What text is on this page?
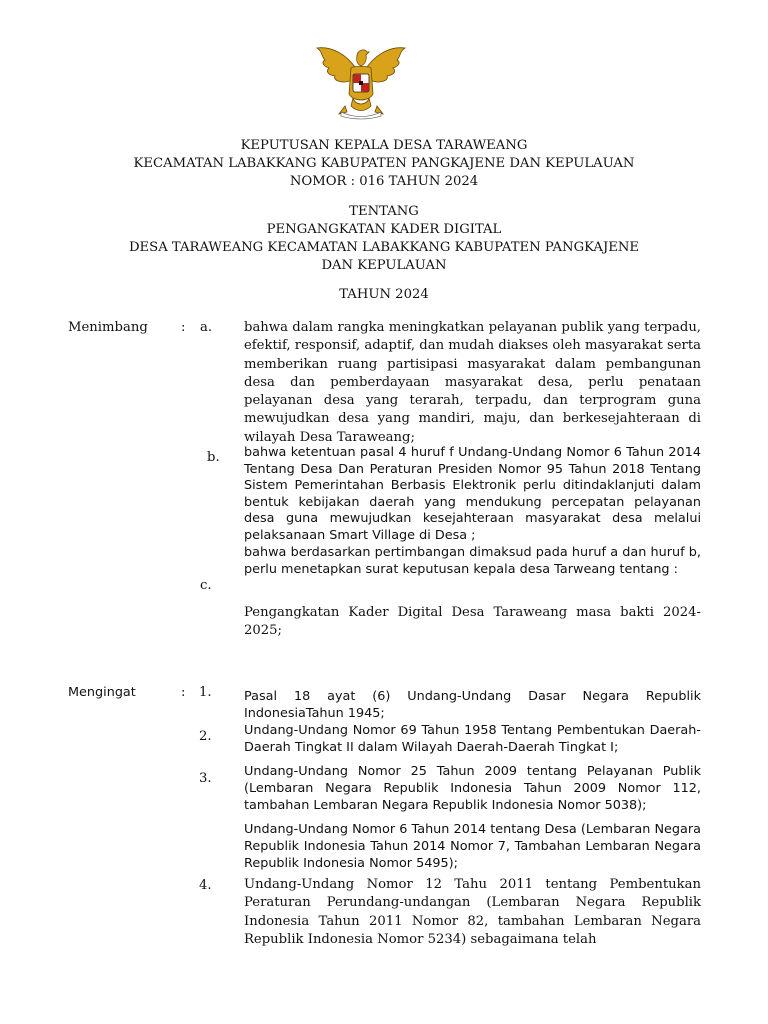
KEPUTUSAN KEPALA DESA TARAWEANG
KECAMATAN LABAKKANG KABUPATEN PANGKAJENE DAN KEPULAUAN
NOMOR : 016 TAHUN 2024
TENTANG
PENGANGKATAN KADER DIGITAL
DESA TARAWEANG KECAMATAN LABAKKANG KABUPATEN PANGKAJENE
DAN KEPULAUAN
TAHUN 2024
Menimbang	: a. bahwa dalam rangka meningkatkan pelayanan publik yang terpadu, efektif, responsif, adaptif, dan mudah diakses oleh masyarakat serta memberikan ruang partisipasi masyarakat dalam pembangunan desa dan pemberdayaan masyarakat desa, perlu penataan pelayanan desa yang terarah, terpadu, dan terprogram guna mewujudkan desa yang mandiri, maju, dan berkesejahteraan di wilayah Desa Taraweang;
b. bahwa ketentuan pasal 4 huruf f Undang-Undang Nomor 6 Tahun 2014 Tentang Desa Dan Peraturan Presiden Nomor 95 Tahun 2018 Tentang Sistem Pemerintahan Berbasis Elektronik perlu ditindaklanjuti dalam bentuk kebijakan daerah yang mendukung percepatan pelayanan desa guna mewujudkan kesejahteraan masyarakat desa melalui pelaksanaan Smart Village di Desa ;
c.
bahwa berdasarkan pertimbangan dimaksud pada huruf a dan huruf b, perlu menetapkan surat keputusan kepala desa Tarweang tentang :
Pengangkatan Kader Digital Desa Taraweang masa bakti 2024-2025;
Mengingat	: 1.
2.
3.
4.
Pasal 18 ayat (6) Undang-Undang Dasar Negara Republik IndonesiaTahun 1945;
Undang-Undang Nomor 69 Tahun 1958 Tentang Pembentukan Daerah- Daerah Tingkat II dalam Wilayah Daerah-Daerah Tingkat I;
Undang-Undang Nomor 25 Tahun 2009 tentang Pelayanan Publik (Lembaran Negara Republik Indonesia Tahun 2009 Nomor 112, tambahan Lembaran Negara Republik Indonesia Nomor 5038);
Undang-Undang Nomor 6 Tahun 2014 tentang Desa (Lembaran Negara Republik Indonesia Tahun 2014 Nomor 7, Tambahan Lembaran Negara Republik Indonesia Nomor 5495);
Undang-Undang Nomor 12 Tahu 2011 tentang Pembentukan Peraturan Perundang-undangan (Lembaran Negara Republik Indonesia Tahun 2011 Nomor 82, tambahan Lembaran Negara Republik Indonesia Nomor 5234) sebagaimana telah
